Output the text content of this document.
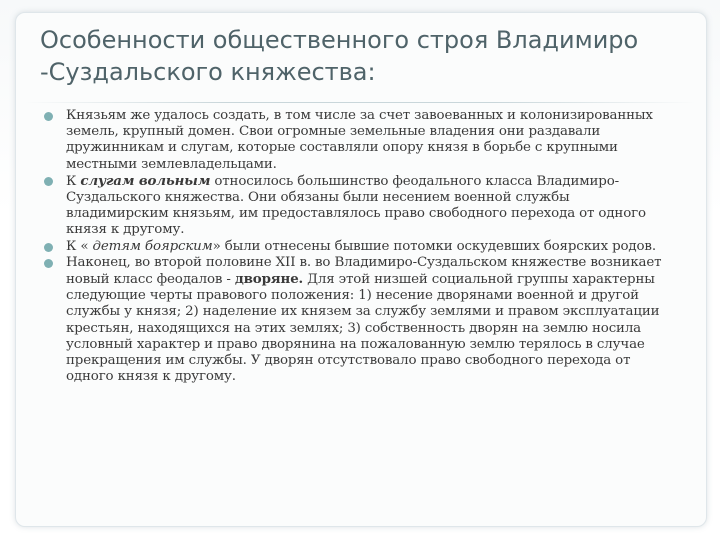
Особенности общественного строя Владимиро
-Суздальского княжества:

Князьям же удалось создать, в том числе за счет завоеванных и колонизированных земель, крупный домен. Свои огромные земельные владения они раздавали дружинникам и слугам, которые составляли опору князя в борьбе с крупными местными землевладельцами.

К слугам вольным относилось большинство феодального класса Владимиро-Суздальского княжества. Они обязаны были несением военной службы владимирским князьям, им предоставлялось право свободного перехода от одного князя к другому.

К « детям боярским» были отнесены бывшие потомки оскудевших боярских родов.

Наконец, во второй половине XII в. во Владимиро-Суздальском княжестве возникает новый класс феодалов - дворяне. Для этой низшей социальной группы характерны следующие черты правового положения: 1) несение дворянами военной и другой службы у князя; 2) наделение их князем за службу землями и правом эксплуатации крестьян, находящихся на этих землях; 3) собственность дворян на землю носила условный характер и право дворянина на пожалованную землю терялось в случае прекращения им службы. У дворян отсутствовало право свободного перехода от одного князя к другому.
